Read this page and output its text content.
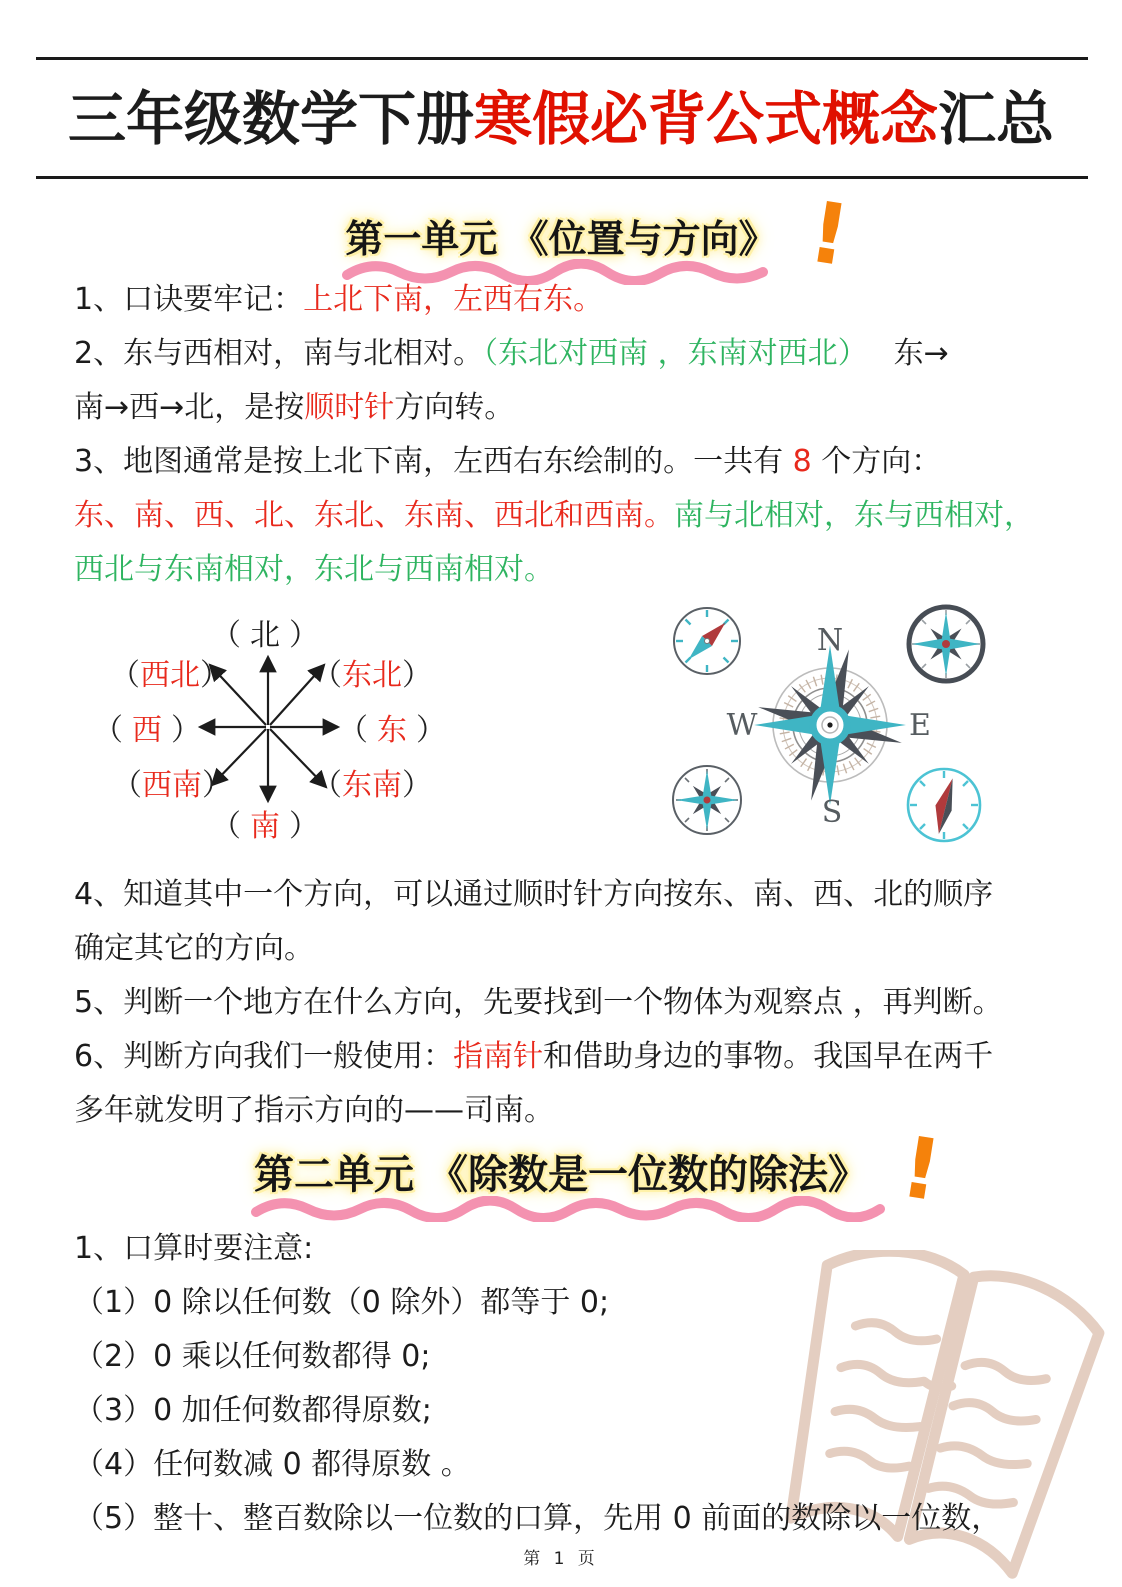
三年级数学下册寒假必背公式概念汇总
第一单元 《位置与方向》 !

1、口诀要牢记：上北下南，左西右东。

2、东与西相对，南与北相对。（东北对西南 ，东南对西北） 东→

南→西→北，是按顺时针方向转。

3、地图通常是按上北下南，左西右东绘制的。一共有 8 个方向：

东、南、西、北、东北、东南、西北和西南。南与北相对，东与西相对，

西北与东南相对，东北与西南相对。

（ 北 ）
（西北）	（东北）
（ 西 ）	（ 东 ）
（西南）	（东南）
（ 南 ）
N
E
S
W

4、知道其中一个方向，可以通过顺时针方向按东、南、西、北的顺序

确定其它的方向。

5、判断一个地方在什么方向，先要找到一个物体为观察点 ，再判断。

6、判断方向我们一般使用：指南针和借助身边的事物。我国早在两千

多年就发明了指示方向的——司南。

第二单元 《除数是一位数的除法》 !

1、口算时要注意:

（1）0 除以任何数（0 除外）都等于 0;

（2）0 乘以任何数都得 0;

（3）0 加任何数都得原数;

（4）任何数减 0 都得原数 。

（5）整十、整百数除以一位数的口算，先用 0 前面的数除以一位数，

第 1 页
